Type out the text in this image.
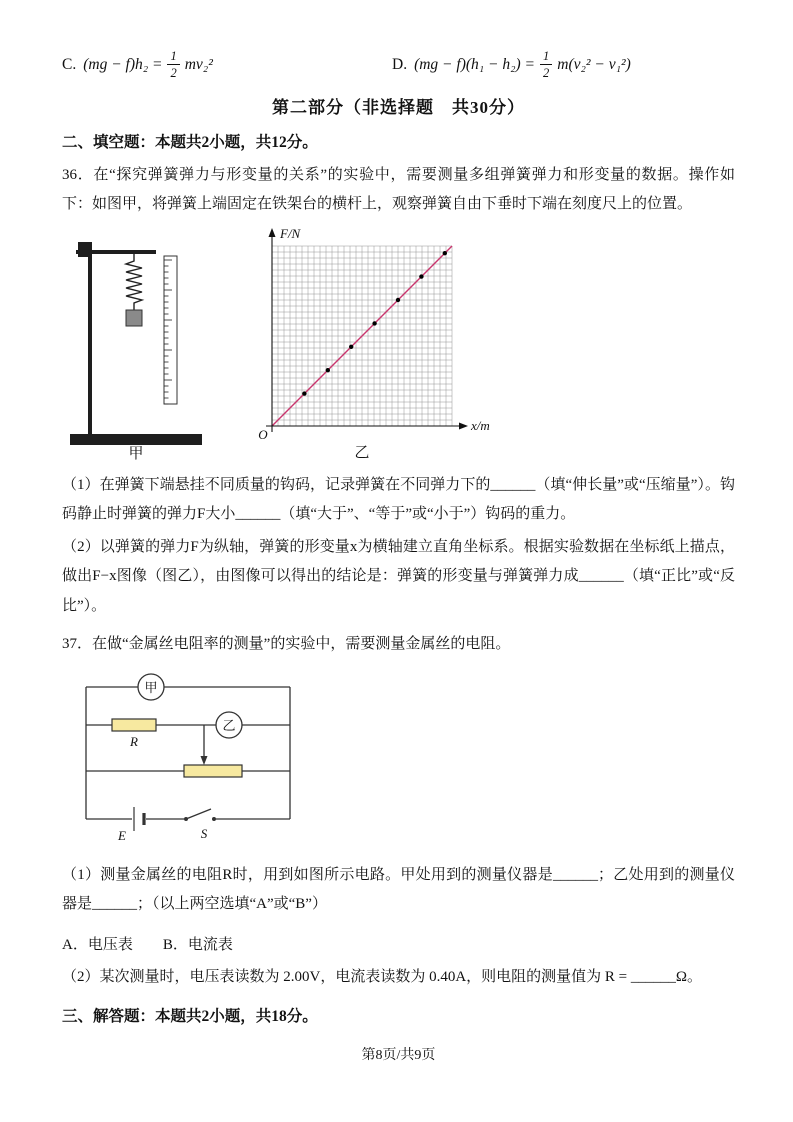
C. $(mg - f)h_2 = \frac{1}{2} mv_2^2$	D. $(mg - f)(h_1 - h_2) = \frac{1}{2} m(v_2^2 - v_1^2)$
第二部分（非选择题　共30分）
二、填空题：本题共2小题，共12分。
36．在“探究弹簧弹力与形变量的关系”的实验中，需要测量多组弹簧弹力和形变量的数据。操作如下：如图甲，将弹簧上端固定在铁架台的横杆上，观察弹簧自由下垂时下端在刻度尺上的位置。
甲
F/N
x/m
O
乙
（1）在弹簧下端悬挂不同质量的钩码，记录弹簧在不同弹力下的______（填“伸长量”或“压缩量”）。钩码静止时弹簧的弹力F大小______（填“大于”、“等于”或“小于”）钩码的重力。
（2）以弹簧的弹力F为纵轴，弹簧的形变量x为横轴建立直角坐标系。根据实验数据在坐标纸上描点，做出F−x图像（图乙），由图像可以得出的结论是：弹簧的形变量与弹簧弹力成______（填“正比”或“反比”）。
37．在做“金属丝电阻率的测量”的实验中，需要测量金属丝的电阻。
甲
R
乙
E	S
（1）测量金属丝的电阻R时，用到如图所示电路。甲处用到的测量仪器是______；乙处用到的测量仪器是______；（以上两空选填“A”或“B”）
A．电压表　　B．电流表
（2）某次测量时，电压表读数为 2.00V，电流表读数为 0.40A，则电阻的测量值为 R = ______Ω。
三、解答题：本题共2小题，共18分。
第8页/共9页
